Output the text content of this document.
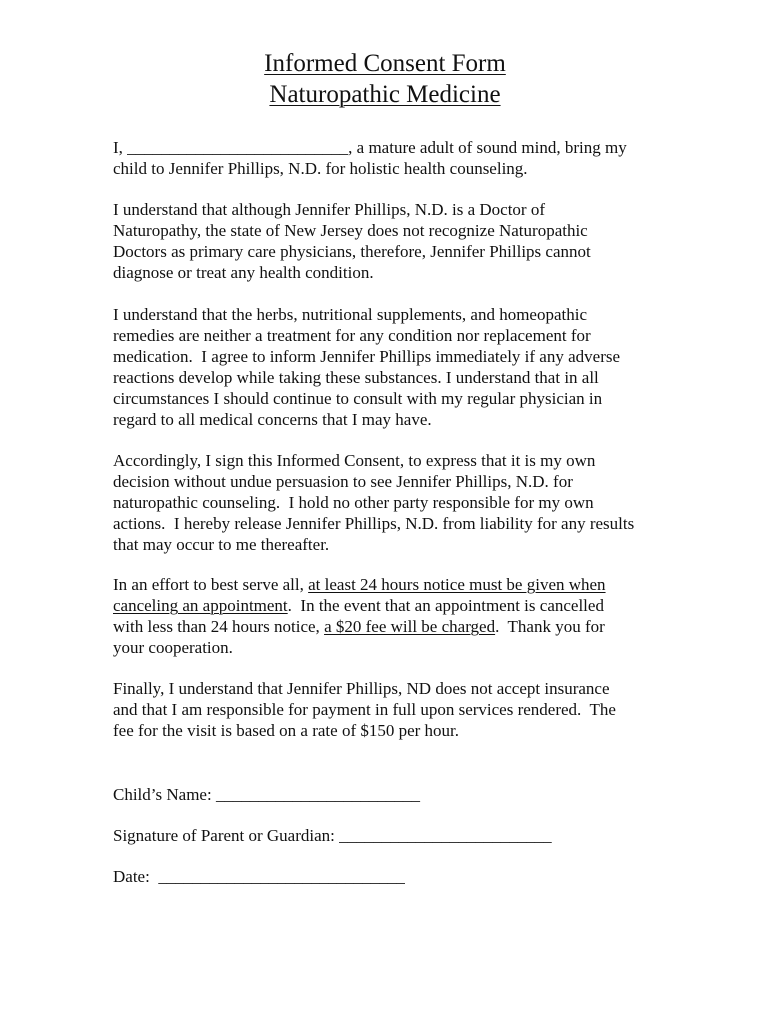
Informed Consent Form
Naturopathic Medicine
I, __________________________, a mature adult of sound mind, bring my
child to Jennifer Phillips, N.D. for holistic health counseling.
I understand that although Jennifer Phillips, N.D. is a Doctor of
Naturopathy, the state of New Jersey does not recognize Naturopathic
Doctors as primary care physicians, therefore, Jennifer Phillips cannot
diagnose or treat any health condition.
I understand that the herbs, nutritional supplements, and homeopathic
remedies are neither a treatment for any condition nor replacement for
medication.  I agree to inform Jennifer Phillips immediately if any adverse
reactions develop while taking these substances. I understand that in all
circumstances I should continue to consult with my regular physician in
regard to all medical concerns that I may have.
Accordingly, I sign this Informed Consent, to express that it is my own
decision without undue persuasion to see Jennifer Phillips, N.D. for
naturopathic counseling.  I hold no other party responsible for my own
actions.  I hereby release Jennifer Phillips, N.D. from liability for any results
that may occur to me thereafter.
In an effort to best serve all, at least 24 hours notice must be given when
canceling an appointment.  In the event that an appointment is cancelled
with less than 24 hours notice, a $20 fee will be charged.  Thank you for
your cooperation.
Finally, I understand that Jennifer Phillips, ND does not accept insurance
and that I am responsible for payment in full upon services rendered.  The
fee for the visit is based on a rate of $150 per hour.
Child’s Name: ________________________
Signature of Parent or Guardian: _________________________
Date:  _____________________________
